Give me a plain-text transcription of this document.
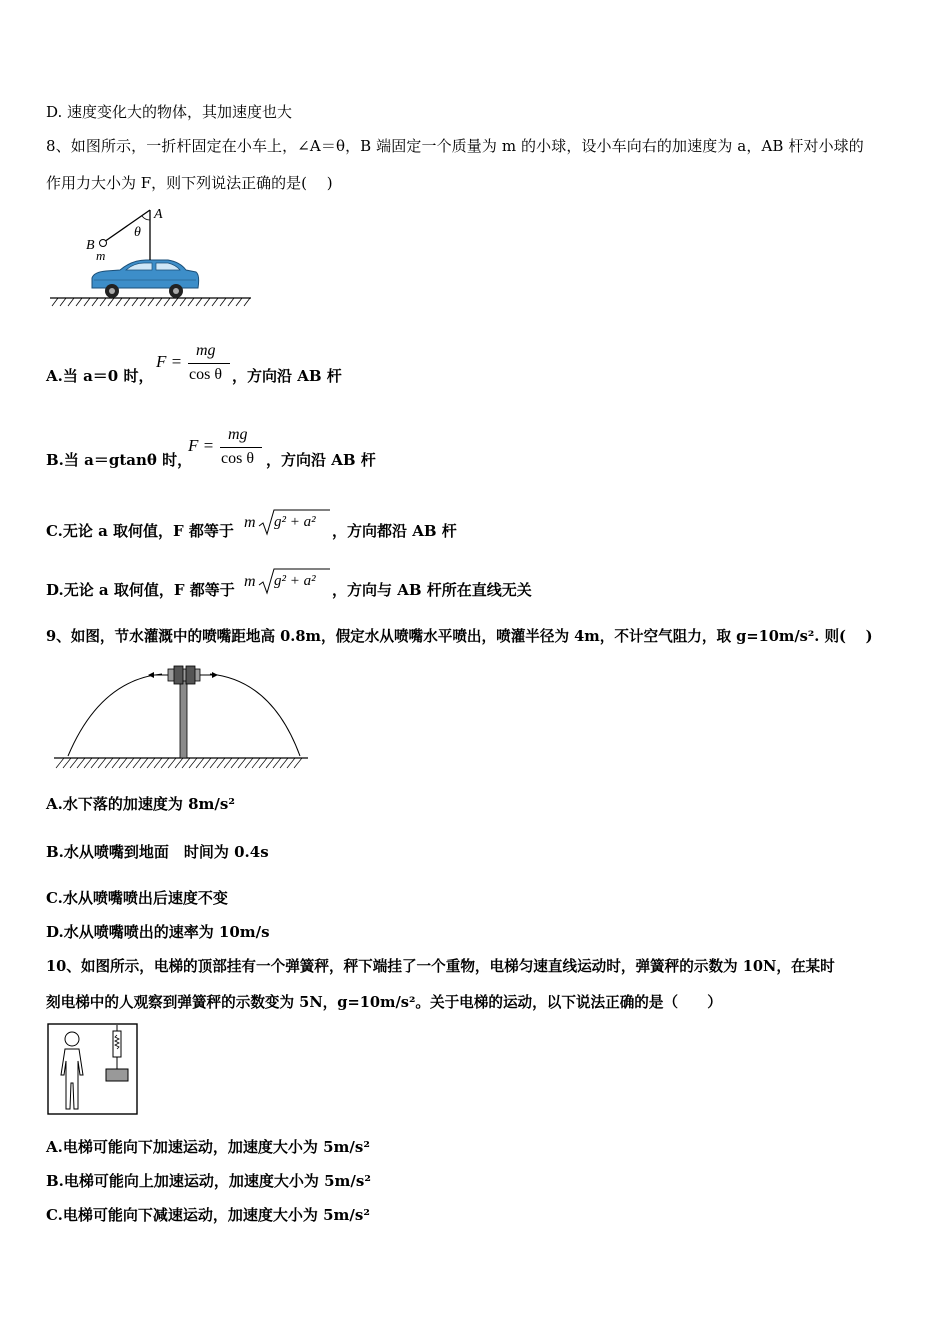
D. 速度变化大的物体，其加速度也大
8、如图所示，一折杆固定在小车上，∠A＝θ，B 端固定一个质量为 m 的小球，设小车向右的加速度为 a，AB 杆对小球的
作用力大小为 F，则下列说法正确的是(　 )
A
θ
B
m
A.当 a＝0 时，
F =
mg
cos θ ，方向沿 AB 杆
B.当 a＝gtanθ 时，
F =
mg
cos θ ，方向沿 AB 杆
C.无论 a 取何值，F 都等于 m g² + a² ，方向都沿 AB 杆
D.无论 a 取何值，F 都等于 m g² + a² ，方向与 AB 杆所在直线无关
9、如图，节水灌溉中的喷嘴距地高 0.8m，假定水从喷嘴水平喷出，喷灌半径为 4m，不计空气阻力，取 g=10m/s². 则(　 )
A.水下落的加速度为 8m/s²
B.水从喷嘴到地面　时间为 0.4s
C.水从喷嘴喷出后速度不变
D.水从喷嘴喷出的速率为 10m/s
10、如图所示，电梯的顶部挂有一个弹簧秤，秤下端挂了一个重物，电梯匀速直线运动时，弹簧秤的示数为 10N，在某时
刻电梯中的人观察到弹簧秤的示数变为 5N，g=10m/s²。关于电梯的运动，以下说法正确的是（　　）
A.电梯可能向下加速运动，加速度大小为 5m/s²
B.电梯可能向上加速运动，加速度大小为 5m/s²
C.电梯可能向下减速运动，加速度大小为 5m/s²
